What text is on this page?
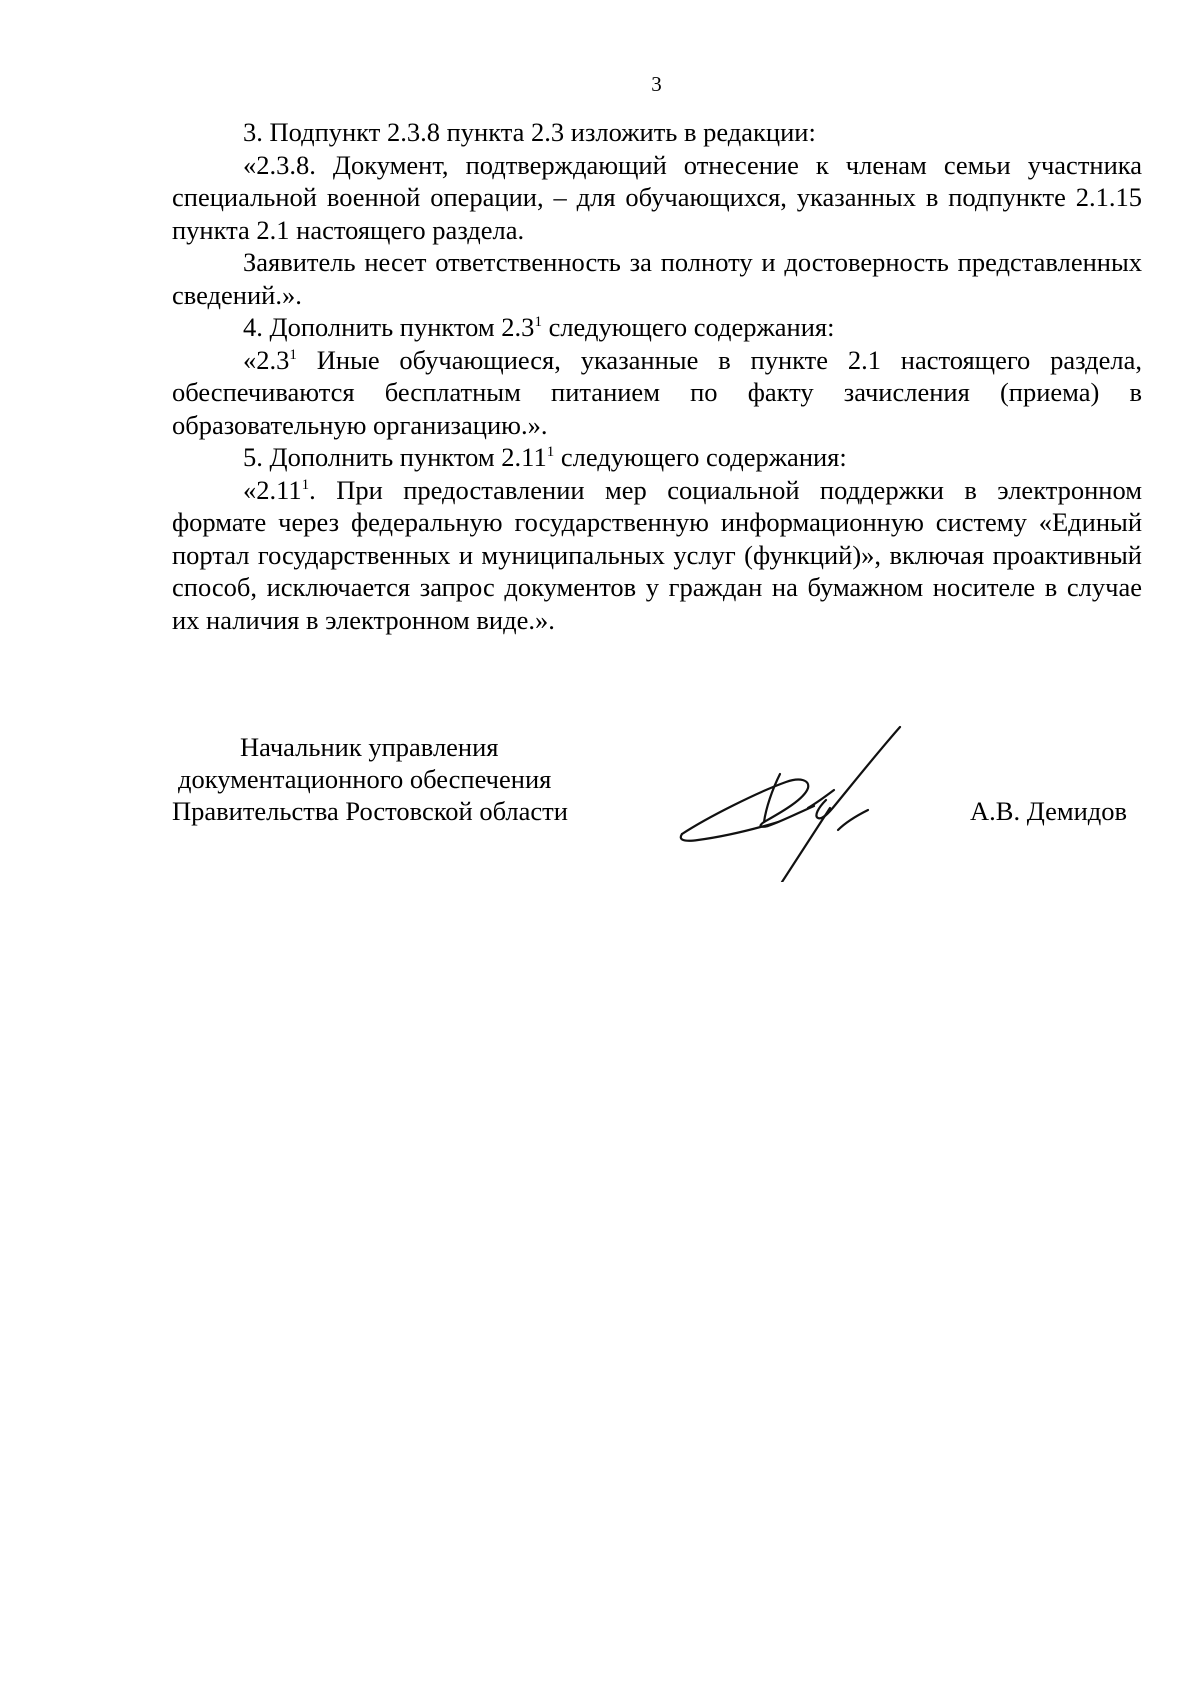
3

3. Подпункт 2.3.8 пункта 2.3 изложить в редакции:

«2.3.8. Документ, подтверждающий отнесение к членам семьи участника специальной военной операции, – для обучающихся, указанных в подпункте 2.1.15 пункта 2.1 настоящего раздела.

Заявитель несет ответственность за полноту и достоверность представленных сведений.».

4. Дополнить пунктом $2.3^1$ следующего содержания:

«$2.3^1$ Иные обучающиеся, указанные в пункте 2.1 настоящего раздела, обеспечиваются бесплатным питанием по факту зачисления (приема) в образовательную организацию.».

5. Дополнить пунктом 2.11$^1$ следующего содержания:

«2.11$^1$. При предоставлении мер социальной поддержки в электронном формате через федеральную государственную информационную систему «Единый портал государственных и муниципальных услуг (функций)», включая проактивный способ, исключается запрос документов у граждан на бумажном носителе в случае их наличия в электронном виде.».

Начальник управления
документационного обеспечения
Правительства Ростовской области	А.В. Демидов
